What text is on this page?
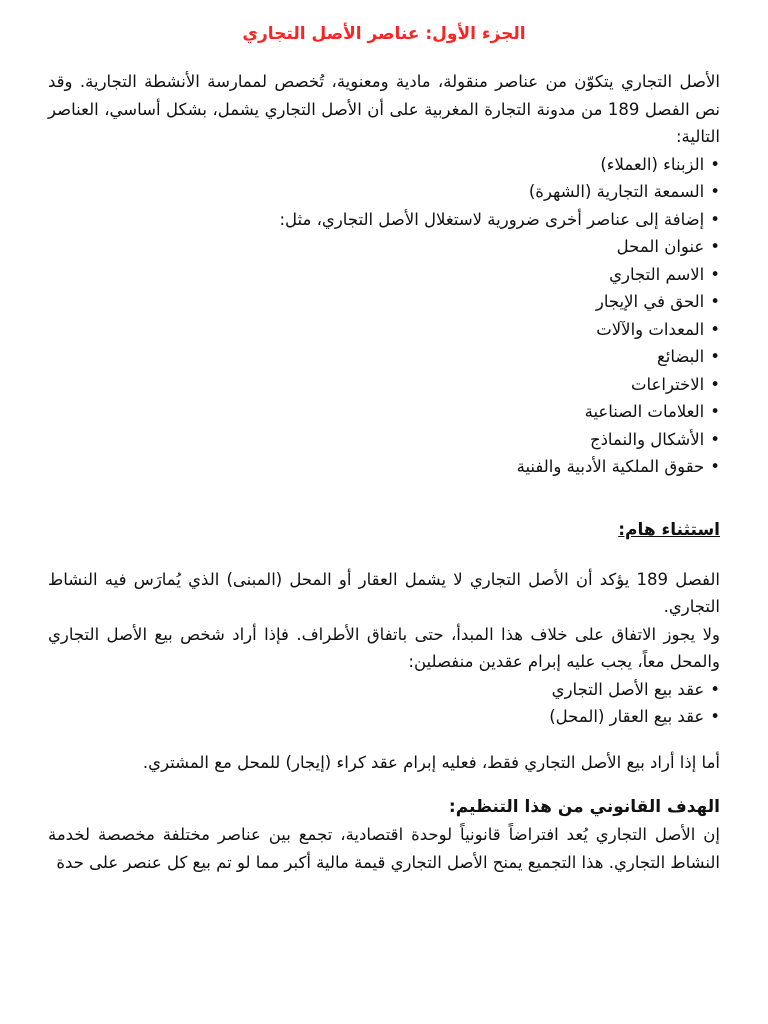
الجزء الأول: عناصر الأصل التجاري

الأصل التجاري يتكوّن من عناصر منقولة، مادية ومعنوية، تُخصص لممارسة الأنشطة التجارية. وقد نص الفصل 189 من مدونة التجارة المغربية على أن الأصل التجاري يشمل، بشكل أساسي، العناصر التالية:

•الزبناء (العملاء)
•السمعة التجارية (الشهرة)
•إضافة إلى عناصر أخرى ضرورية لاستغلال الأصل التجاري، مثل:
•عنوان المحل
•الاسم التجاري
•الحق في الإيجار
•المعدات والآلات
•البضائع
•الاختراعات
•العلامات الصناعية
•الأشكال والنماذج
•حقوق الملكية الأدبية والفنية
استثناء هام:

الفصل 189 يؤكد أن الأصل التجاري لا يشمل العقار أو المحل (المبنى) الذي يُمارَس فيه النشاط التجاري.

ولا يجوز الاتفاق على خلاف هذا المبدأ، حتى باتفاق الأطراف. فإذا أراد شخص بيع الأصل التجاري والمحل معاً، يجب عليه إبرام عقدين منفصلين:

•عقد بيع الأصل التجاري
•عقد بيع العقار (المحل)

أما إذا أراد بيع الأصل التجاري فقط، فعليه إبرام عقد كراء (إيجار) للمحل مع المشتري.

الهدف القانوني من هذا التنظيم:

إن الأصل التجاري يُعد افتراضاً قانونياً لوحدة اقتصادية، تجمع بين عناصر مختلفة مخصصة لخدمة النشاط التجاري. هذا التجميع يمنح الأصل التجاري قيمة مالية أكبر مما لو تم بيع كل عنصر على حدة
